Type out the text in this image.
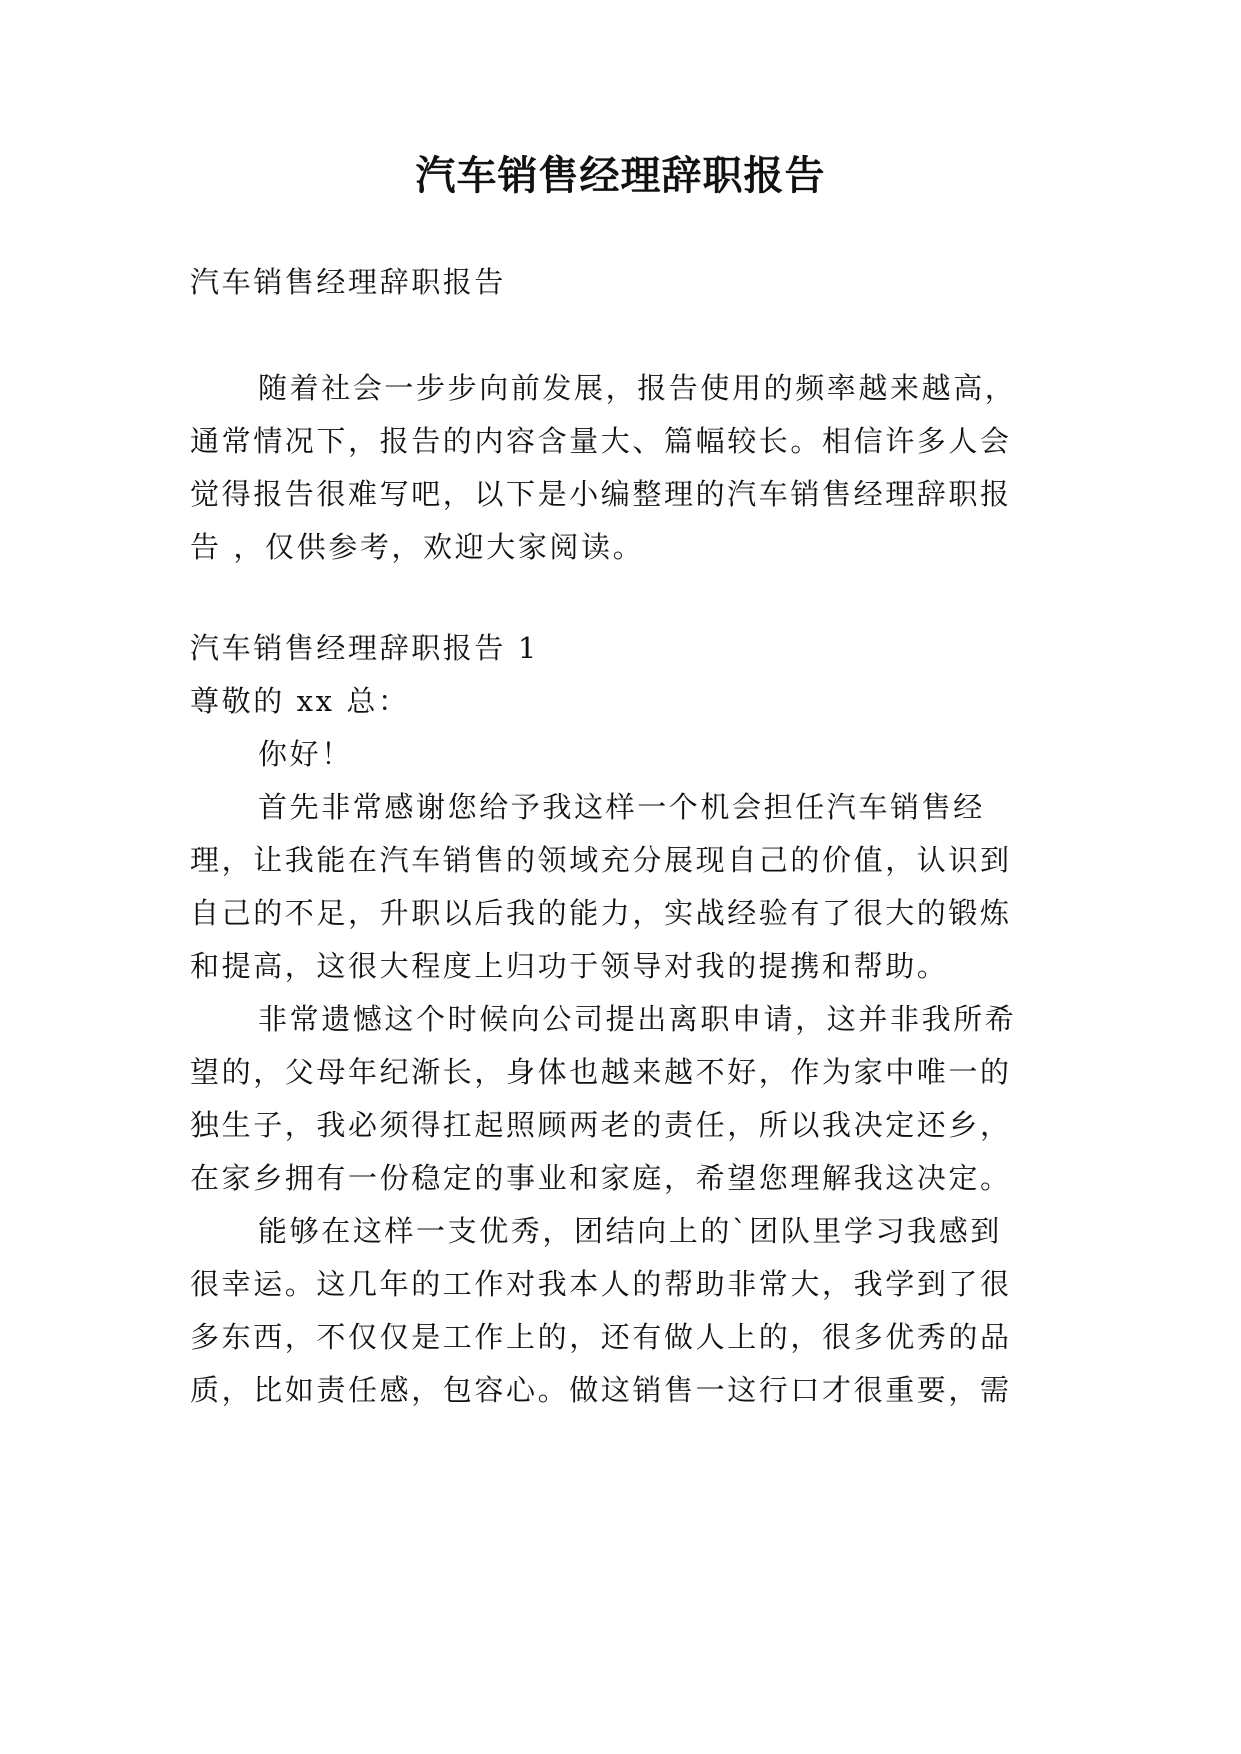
汽车销售经理辞职报告

汽车销售经理辞职报告

随着社会一步步向前发展，报告使用的频率越来越高，

通常情况下，报告的内容含量大、篇幅较长。相信许多人会

觉得报告很难写吧，以下是小编整理的汽车销售经理辞职报

告 ，仅供参考，欢迎大家阅读。

汽车销售经理辞职报告 1

尊敬的 xx 总：

你好！

首先非常感谢您给予我这样一个机会担任汽车销售经

理，让我能在汽车销售的领域充分展现自己的价值，认识到

自己的不足，升职以后我的能力，实战经验有了很大的锻炼

和提高，这很大程度上归功于领导对我的提携和帮助。

非常遗憾这个时候向公司提出离职申请，这并非我所希

望的，父母年纪渐长，身体也越来越不好，作为家中唯一的

独生子，我必须得扛起照顾两老的责任，所以我决定还乡，

在家乡拥有一份稳定的事业和家庭，希望您理解我这决定。

能够在这样一支优秀，团结向上的`团队里学习我感到

很幸运。这几年的工作对我本人的帮助非常大，我学到了很

多东西，不仅仅是工作上的，还有做人上的，很多优秀的品

质，比如责任感，包容心。做这销售一这行口才很重要，需
